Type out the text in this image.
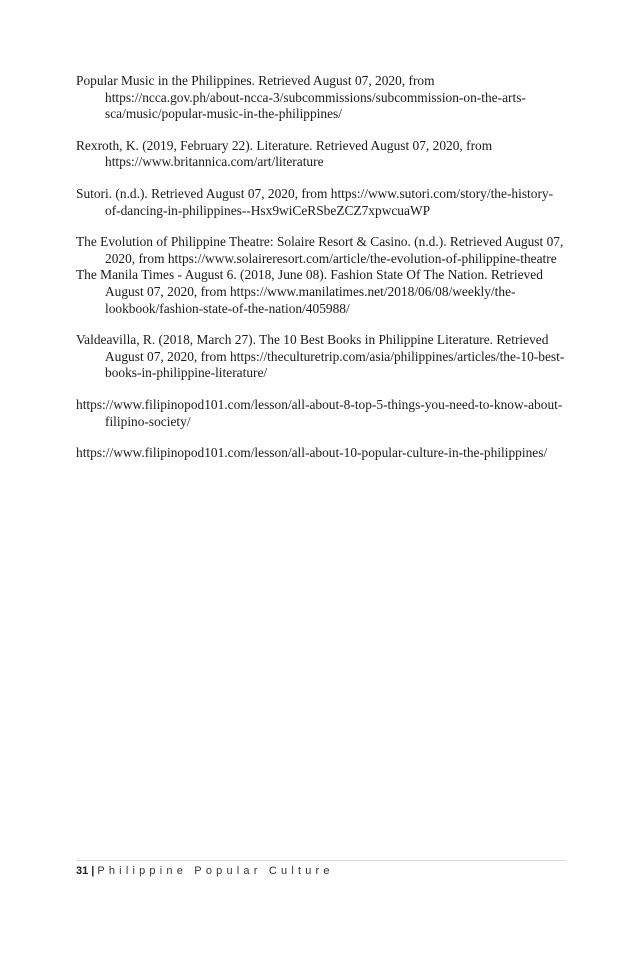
Popular Music in the Philippines. Retrieved August 07, 2020, from https://ncca.gov.ph/about-ncca-3/subcommissions/subcommission-on-the-arts-sca/music/popular-music-in-the-philippines/
Rexroth, K. (2019, February 22). Literature. Retrieved August 07, 2020, from https://www.britannica.com/art/literature
Sutori. (n.d.). Retrieved August 07, 2020, from https://www.sutori.com/story/the-history-of-dancing-in-philippines--Hsx9wiCeRSbeZCZ7xpwcuaWP
The Evolution of Philippine Theatre: Solaire Resort & Casino. (n.d.). Retrieved August 07, 2020, from https://www.solaireresort.com/article/the-evolution-of-philippine-theatre
The Manila Times - August 6. (2018, June 08). Fashion State Of The Nation. Retrieved August 07, 2020, from https://www.manilatimes.net/2018/06/08/weekly/the-lookbook/fashion-state-of-the-nation/405988/
Valdeavilla, R. (2018, March 27). The 10 Best Books in Philippine Literature. Retrieved August 07, 2020, from https://theculturetrip.com/asia/philippines/articles/the-10-best-books-in-philippine-literature/
https://www.filipinopod101.com/lesson/all-about-8-top-5-things-you-need-to-know-about- filipino-society/
https://www.filipinopod101.com/lesson/all-about-10-popular-culture-in-the-philippines/
31 | Philippine Popular Culture
